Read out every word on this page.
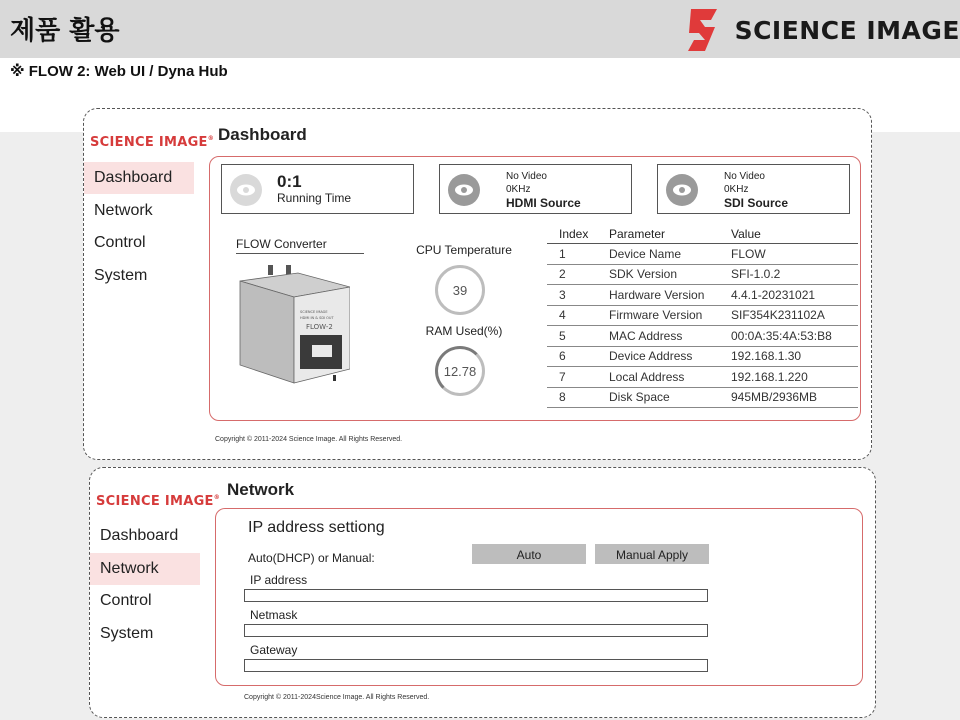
제품 활용	SCIENCE IMAGE
※ FLOW 2: Web UI / Dyna Hub
SCIENCE IMAGE®
Dashboard
Network
Control
System
Dashboard
0:1
Running Time
No Video
0KHz
HDMI Source
No Video
0KHz
SDI Source
FLOW Converter
SCIENCE IMAGE
HDMI IN & SDI OUT
FLOW-2
CPU Temperature
39
RAM Used(%)
12.78
Index	Parameter	Value
1	Device Name	FLOW
2	SDK Version	SFI-1.0.2
3	Hardware Version	4.4.1-20231021
4	Firmware Version	SIF354K231102A
5	MAC Address	00:0A:35:4A:53:B8
6	Device Address	192.168.1.30
7	Local Address	192.168.1.220
8	Disk Space	945MB/2936MB
Copyright © 2011-2024 Science Image. All Rights Reserved.
SCIENCE IMAGE®
Dashboard
Network
Control
System
Network
IP address settiong
Auto(DHCP) or Manual:	Auto	Manual Apply
IP address
Netmask
Gateway
Copyright © 2011-2024Science Image. All Rights Reserved.
